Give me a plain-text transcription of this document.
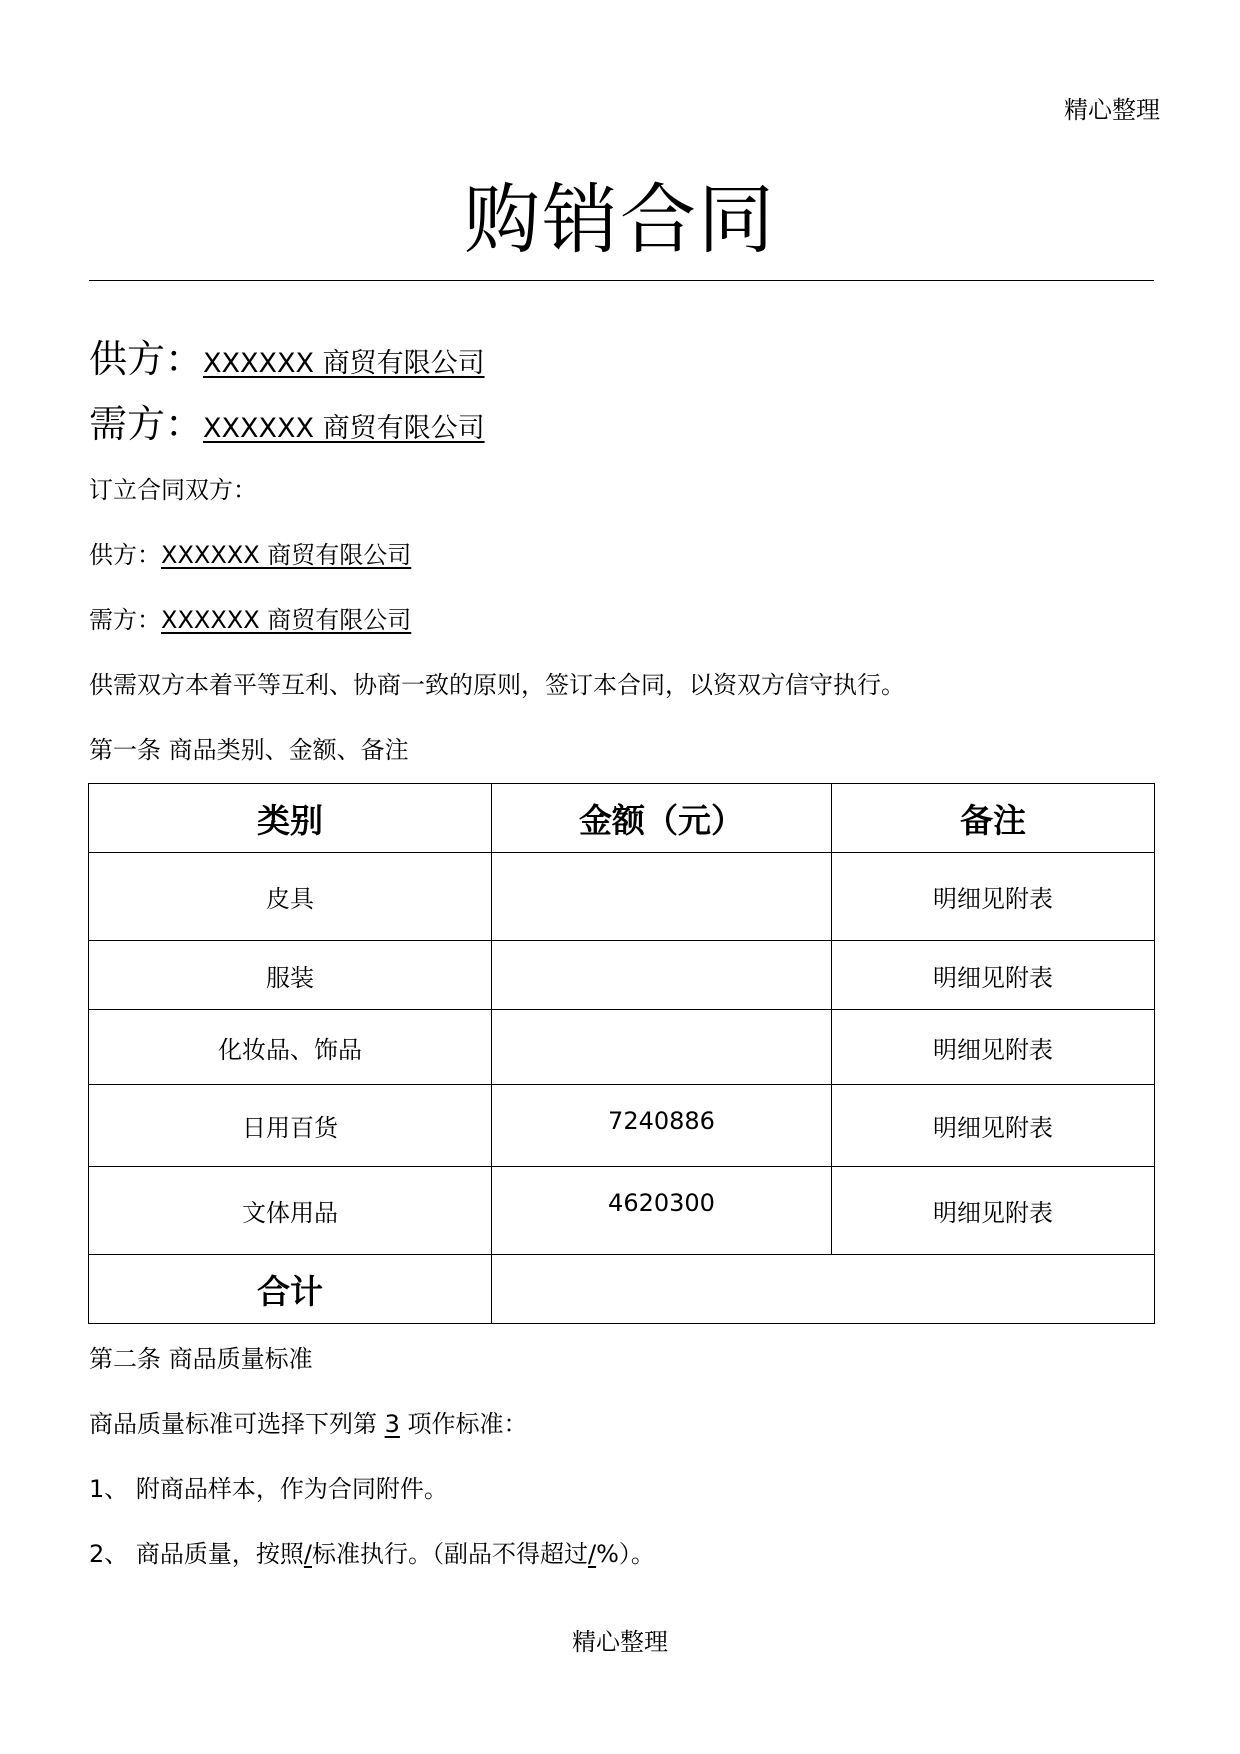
精心整理
购销合同
供方：XXXXXX 商贸有限公司
需方：XXXXXX 商贸有限公司
订立合同双方：
供方：XXXXXX 商贸有限公司
需方：XXXXXX 商贸有限公司
供需双方本着平等互利、协商一致的原则，签订本合同，以资双方信守执行。
第一条 商品类别、金额、备注
类别	金额（元）	备注
皮具		明细见附表
服装		明细见附表
化妆品、饰品		明细见附表
日用百货	7240886	明细见附表
文体用品	4620300	明细见附表
合计		
第二条 商品质量标准
商品质量标准可选择下列第 3 项作标准：
1、 附商品样本，作为合同附件。
2、 商品质量，按照/标准执行。（副品不得超过/%）。
精心整理
